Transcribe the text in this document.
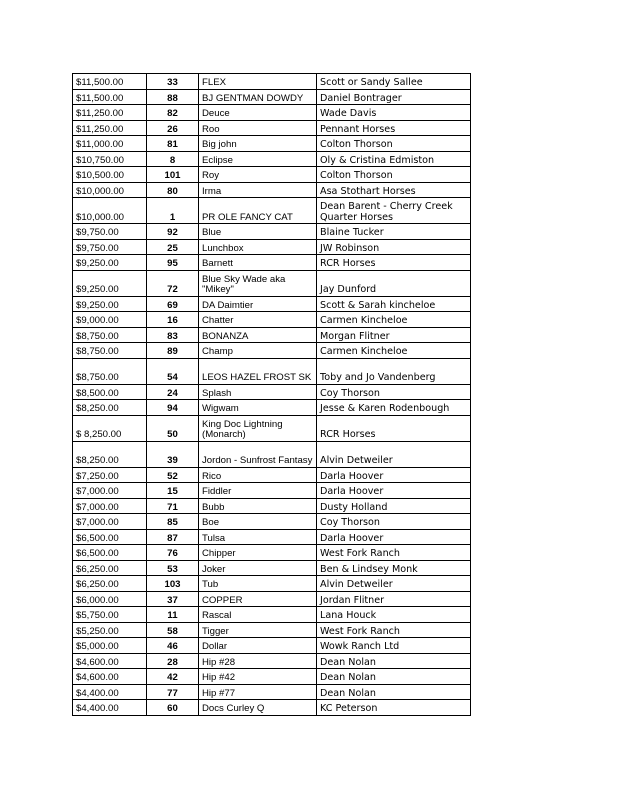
$11,500.00	33	FLEX	Scott or Sandy Sallee
$11,500.00	88	BJ GENTMAN DOWDY	Daniel Bontrager
$11,250.00	82	Deuce	Wade Davis
$11,250.00	26	Roo	Pennant Horses
$11,000.00	81	Big john	Colton Thorson
$10,750.00	8	Eclipse	Oly & Cristina Edmiston
$10,500.00	101	Roy	Colton Thorson
$10,000.00	80	Irma	Asa Stothart Horses
$10,000.00	1	PR OLE FANCY CAT	Dean Barent - Cherry Creek Quarter Horses
$9,750.00	92	Blue	Blaine Tucker
$9,750.00	25	Lunchbox	JW Robinson
$9,250.00	95	Barnett	RCR Horses
$9,250.00	72	Blue Sky Wade aka "Mikey"	Jay Dunford
$9,250.00	69	DA Daimtier	Scott & Sarah kincheloe
$9,000.00	16	Chatter	Carmen Kincheloe
$8,750.00	83	BONANZA	Morgan Flitner
$8,750.00	89	Champ	Carmen Kincheloe
$8,750.00	54	LEOS HAZEL FROST SK	Toby and Jo Vandenberg
$8,500.00	24	Splash	Coy Thorson
$8,250.00	94	Wigwam	Jesse & Karen Rodenbough
$ 8,250.00	50	King Doc Lightning (Monarch)	RCR Horses
$8,250.00	39	Jordon - Sunfrost Fantasy	Alvin Detweiler
$7,250.00	52	Rico	Darla Hoover
$7,000.00	15	Fiddler	Darla Hoover
$7,000.00	71	Bubb	Dusty Holland
$7,000.00	85	Boe	Coy Thorson
$6,500.00	87	Tulsa	Darla Hoover
$6,500.00	76	Chipper	West Fork Ranch
$6,250.00	53	Joker	Ben & Lindsey Monk
$6,250.00	103	Tub	Alvin Detweiler
$6,000.00	37	COPPER	Jordan Flitner
$5,750.00	11	Rascal	Lana Houck
$5,250.00	58	Tigger	West Fork Ranch
$5,000.00	46	Dollar	Wowk Ranch Ltd
$4,600.00	28	Hip #28	Dean Nolan
$4,600.00	42	Hip #42	Dean Nolan
$4,400.00	77	Hip #77	Dean Nolan
$4,400.00	60	Docs Curley Q	KC Peterson
